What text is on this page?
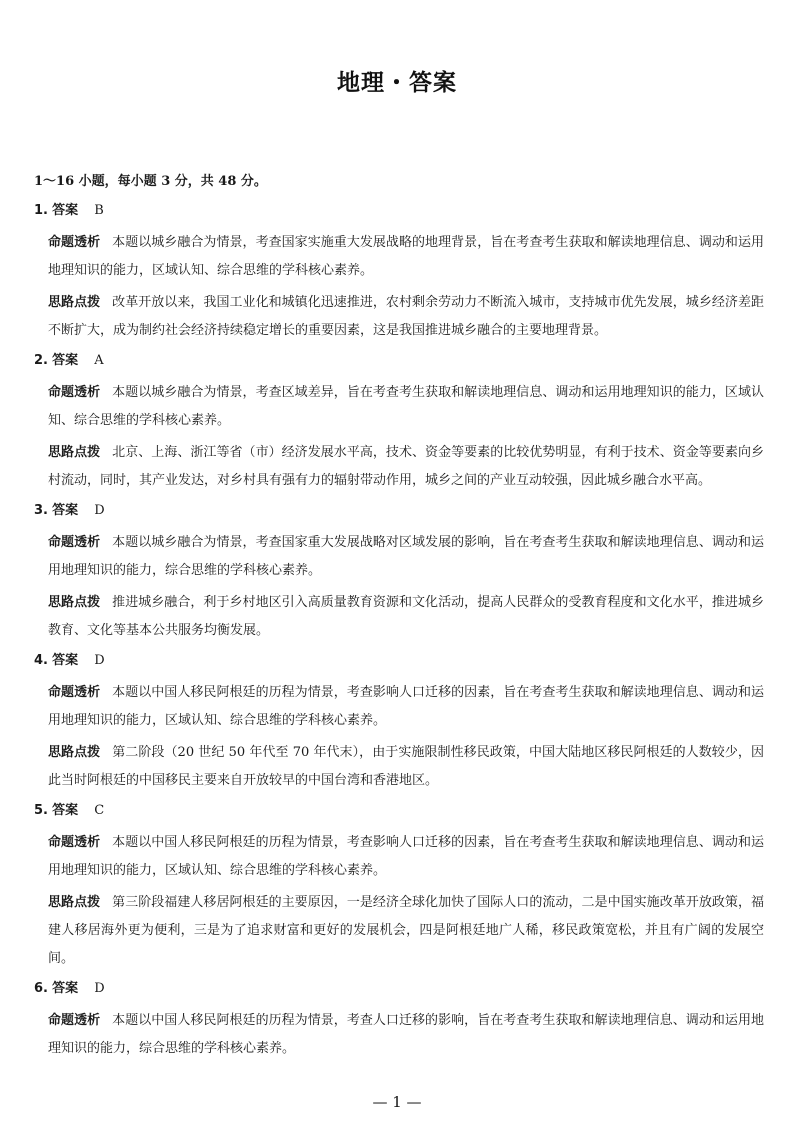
地理・答案
1～16 小题，每小题 3 分，共 48 分。
1. 答案 B
命题透析 本题以城乡融合为情景，考查国家实施重大发展战略的地理背景，旨在考查考生获取和解读地理信息、调动和运用地理知识的能力，区域认知、综合思维的学科核心素养。
思路点拨 改革开放以来，我国工业化和城镇化迅速推进，农村剩余劳动力不断流入城市，支持城市优先发展，城乡经济差距不断扩大，成为制约社会经济持续稳定增长的重要因素，这是我国推进城乡融合的主要地理背景。
2. 答案 A
命题透析 本题以城乡融合为情景，考查区域差异，旨在考查考生获取和解读地理信息、调动和运用地理知识的能力，区域认知、综合思维的学科核心素养。
思路点拨 北京、上海、浙江等省（市）经济发展水平高，技术、资金等要素的比较优势明显，有利于技术、资金等要素向乡村流动，同时，其产业发达，对乡村具有强有力的辐射带动作用，城乡之间的产业互动较强，因此城乡融合水平高。
3. 答案 D
命题透析 本题以城乡融合为情景，考查国家重大发展战略对区域发展的影响，旨在考查考生获取和解读地理信息、调动和运用地理知识的能力，综合思维的学科核心素养。
思路点拨 推进城乡融合，利于乡村地区引入高质量教育资源和文化活动，提高人民群众的受教育程度和文化水平，推进城乡教育、文化等基本公共服务均衡发展。
4. 答案 D
命题透析 本题以中国人移民阿根廷的历程为情景，考查影响人口迁移的因素，旨在考查考生获取和解读地理信息、调动和运用地理知识的能力，区域认知、综合思维的学科核心素养。
思路点拨 第二阶段（20 世纪 50 年代至 70 年代末），由于实施限制性移民政策，中国大陆地区移民阿根廷的人数较少，因此当时阿根廷的中国移民主要来自开放较早的中国台湾和香港地区。
5. 答案 C
命题透析 本题以中国人移民阿根廷的历程为情景，考查影响人口迁移的因素，旨在考查考生获取和解读地理信息、调动和运用地理知识的能力，区域认知、综合思维的学科核心素养。
思路点拨 第三阶段福建人移居阿根廷的主要原因，一是经济全球化加快了国际人口的流动，二是中国实施改革开放政策，福建人移居海外更为便利，三是为了追求财富和更好的发展机会，四是阿根廷地广人稀，移民政策宽松，并且有广阔的发展空间。
6. 答案 D
命题透析 本题以中国人移民阿根廷的历程为情景，考查人口迁移的影响，旨在考查考生获取和解读地理信息、调动和运用地理知识的能力，综合思维的学科核心素养。
— 1 —
